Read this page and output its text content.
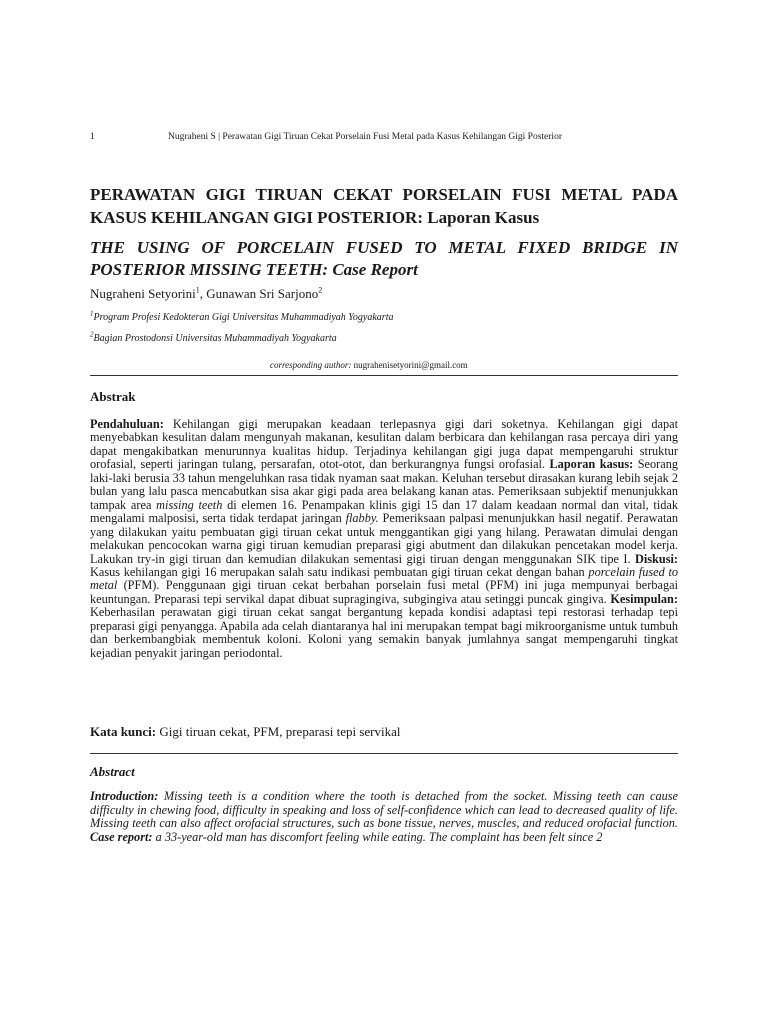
1	Nugraheni S | Perawatan Gigi Tiruan Cekat Porselain Fusi Metal pada Kasus Kehilangan Gigi Posterior
PERAWATAN GIGI TIRUAN CEKAT PORSELAIN FUSI METAL PADA KASUS KEHILANGAN GIGI POSTERIOR: Laporan Kasus
THE USING OF PORCELAIN FUSED TO METAL FIXED BRIDGE IN POSTERIOR MISSING TEETH: Case Report
Nugraheni Setyorini$^1$, Gunawan Sri Sarjono$^2$
$^1$Program Profesi Kedokteran Gigi Universitas Muhammadiyah Yogyakarta
$^2$Bagian Prostodonsi Universitas Muhammadiyah Yogyakarta
corresponding author: nugrahenisetyorini@gmail.com
Abstrak

Pendahuluan: Kehilangan gigi merupakan keadaan terlepasnya gigi dari soketnya. Kehilangan gigi dapat menyebabkan kesulitan dalam mengunyah makanan, kesulitan dalam berbicara dan kehilangan rasa percaya diri yang dapat mengakibatkan menurunnya kualitas hidup. Terjadinya kehilangan gigi juga dapat mempengaruhi struktur orofasial, seperti jaringan tulang, persarafan, otot-otot, dan berkurangnya fungsi orofasial. Laporan kasus: Seorang laki-laki berusia 33 tahun mengeluhkan rasa tidak nyaman saat makan. Keluhan tersebut dirasakan kurang lebih sejak 2 bulan yang lalu pasca mencabutkan sisa akar gigi pada area belakang kanan atas. Pemeriksaan subjektif menunjukkan tampak area missing teeth di elemen 16. Penampakan klinis gigi 15 dan 17 dalam keadaan normal dan vital, tidak mengalami malposisi, serta tidak terdapat jaringan flabby. Pemeriksaan palpasi menunjukkan hasil negatif. Perawatan yang dilakukan yaitu pembuatan gigi tiruan cekat untuk menggantikan gigi yang hilang. Perawatan dimulai dengan melakukan pencocokan warna gigi tiruan kemudian preparasi gigi abutment dan dilakukan pencetakan model kerja. Lakukan try-in gigi tiruan dan kemudian dilakukan sementasi gigi tiruan dengan menggunakan SIK tipe I. Diskusi: Kasus kehilangan gigi 16 merupakan salah satu indikasi pembuatan gigi tiruan cekat dengan bahan porcelain fused to metal (PFM). Penggunaan gigi tiruan cekat berbahan porselain fusi metal (PFM) ini juga mempunyai berbagai keuntungan. Preparasi tepi servikal dapat dibuat supragingiva, subgingiva atau setinggi puncak gingiva. Kesimpulan: Keberhasilan perawatan gigi tiruan cekat sangat bergantung kepada kondisi adaptasi tepi restorasi terhadap tepi preparasi gigi penyangga. Apabila ada celah diantaranya hal ini merupakan tempat bagi mikroorganisme untuk tumbuh dan berkembangbiak membentuk koloni. Koloni yang semakin banyak jumlahnya sangat mempengaruhi tingkat kejadian penyakit jaringan periodontal.

Kata kunci: Gigi tiruan cekat, PFM, preparasi tepi servikal
Abstract

Introduction: Missing teeth is a condition where the tooth is detached from the socket. Missing teeth can cause difficulty in chewing food, difficulty in speaking and loss of self-confidence which can lead to decreased quality of life. Missing teeth can also affect orofacial structures, such as bone tissue, nerves, muscles, and reduced orofacial function. Case report: a 33-year-old man has discomfort feeling while eating. The complaint has been felt since 2
